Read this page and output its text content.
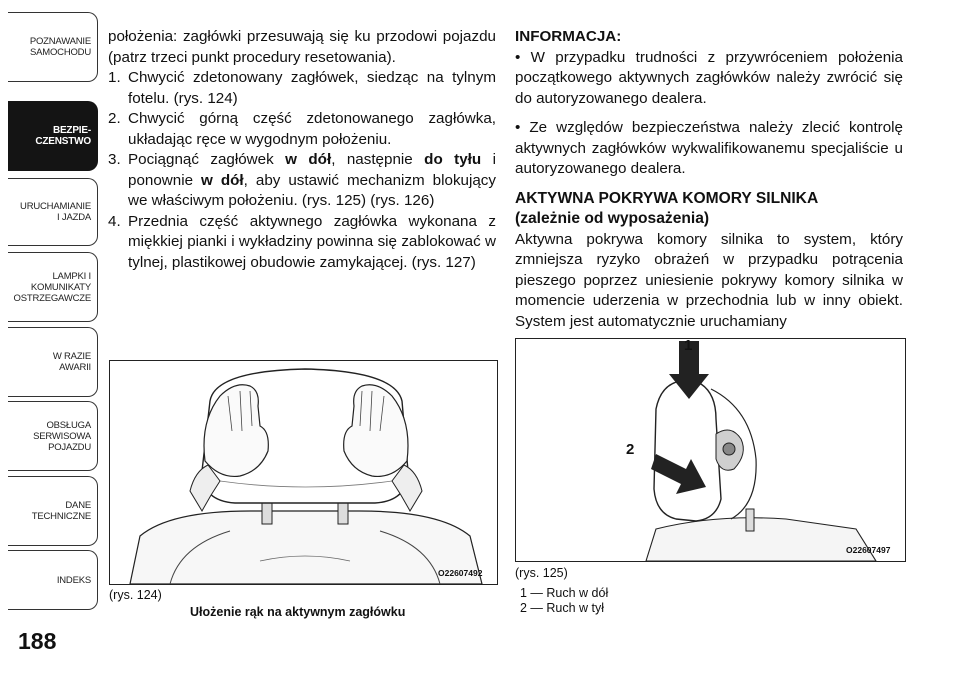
POZNAWANIE
SAMOCHODU
BEZPIE-
CZENSTWO
URUCHAMIANIE
I JAZDA
LAMPKI I
KOMUNIKATY
OSTRZEGAWCZE
W RAZIE
AWARII
OBSŁUGA
SERWISOWA
POJAZDU
DANE
TECHNICZNE
INDEKS
188

położenia: zagłówki przesuwają się ku przodowi pojazdu (patrz trzeci punkt procedury resetowania).

1. Chwycić zdetonowany zagłówek, siedząc na tylnym fotelu. (rys. 124)
2. Chwycić górną część zdetonowanego zagłówka, układając ręce w wygodnym położeniu.
3. Pociągnąć zagłówek w dół, następnie do tyłu i ponownie w dół, aby ustawić mechanizm blokujący we właściwym położeniu. (rys. 125) (rys. 126)
4. Przednia część aktywnego zagłówka wykonana z miękkiej pianki i wykładziny powinna się zablokować w tylnej, plastikowej obudowie zamykającej. (rys. 127)

INFORMACJA:

• W przypadku trudności z przywróceniem położenia początkowego aktywnych zagłówków należy zwrócić się do autoryzowanego dealera.

• Ze względów bezpieczeństwa należy zlecić kontrolę aktywnych zagłówków wykwalifikowanemu specjaliście u autoryzowanego dealera.

AKTYWNA POKRYWA KOMORY SILNIKA

(zależnie od wyposażenia)

Aktywna pokrywa komory silnika to system, który zmniejsza ryzyko obrażeń w przypadku potrącenia pieszego poprzez uniesienie pokrywy komory silnika w momencie uderzenia w przechodnia lub w inny obiekt. System jest automatycznie uruchamiany

O22607492
(rys. 124)
Ułożenie rąk na aktywnym zagłówku
1
2
O22607497
(rys. 125)
1 — Ruch w dół
2 — Ruch w tył
